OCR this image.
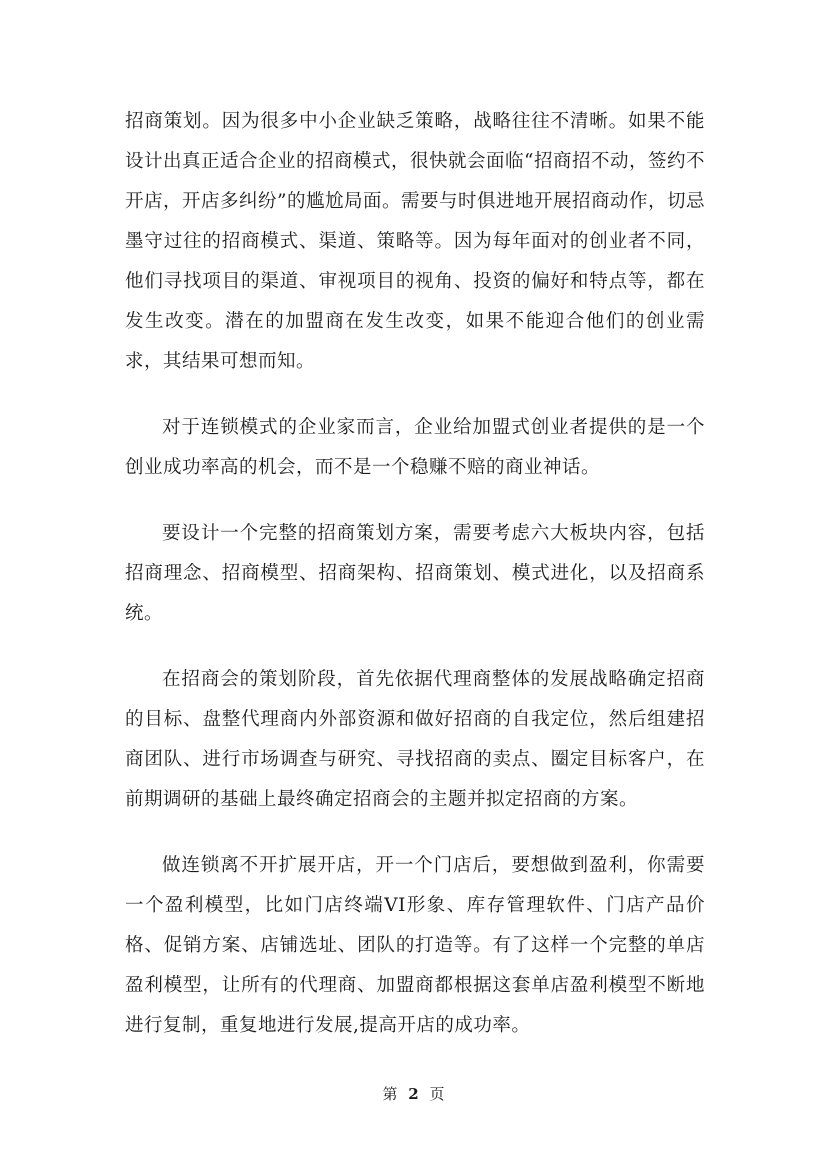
招商策划。因为很多中小企业缺乏策略，战略往往不清晰。如果不能设计出真正适合企业的招商模式，很快就会面临“招商招不动，签约不开店，开店多纠纷”的尴尬局面。需要与时俱进地开展招商动作，切忌墨守过往的招商模式、渠道、策略等。因为每年面对的创业者不同，他们寻找项目的渠道、审视项目的视角、投资的偏好和特点等，都在发生改变。潜在的加盟商在发生改变，如果不能迎合他们的创业需求，其结果可想而知。

对于连锁模式的企业家而言，企业给加盟式创业者提供的是一个创业成功率高的机会，而不是一个稳赚不赔的商业神话。

要设计一个完整的招商策划方案，需要考虑六大板块内容，包括招商理念、招商模型、招商架构、招商策划、模式进化，以及招商系统。

在招商会的策划阶段，首先依据代理商整体的发展战略确定招商的目标、盘整代理商内外部资源和做好招商的自我定位，然后组建招商团队、进行市场调查与研究、寻找招商的卖点、圈定目标客户，在前期调研的基础上最终确定招商会的主题并拟定招商的方案。

做连锁离不开扩展开店，开一个门店后，要想做到盈利，你需要一个盈利模型，比如门店终端VI形象、库存管理软件、门店产品价格、促销方案、店铺选址、团队的打造等。有了这样一个完整的单店盈利模型，让所有的代理商、加盟商都根据这套单店盈利模型不断地进行复制，重复地进行发展,提高开店的成功率。

第 2 页
